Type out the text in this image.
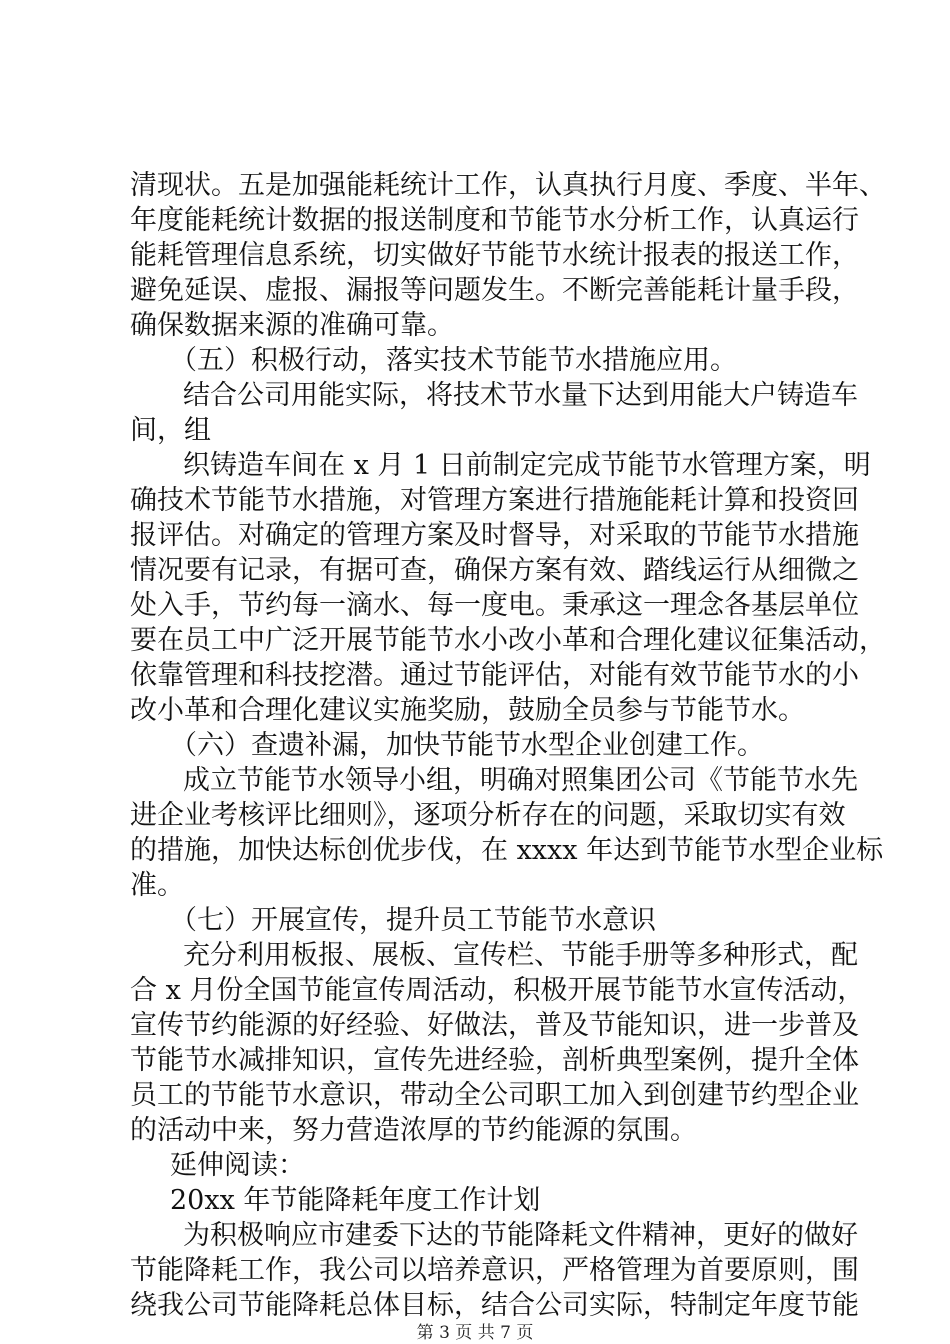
清现状。五是加强能耗统计工作，认真执行月度、季度、半年、
年度能耗统计数据的报送制度和节能节水分析工作，认真运行
能耗管理信息系统，切实做好节能节水统计报表的报送工作，
避免延误、虚报、漏报等问题发生。不断完善能耗计量手段，
确保数据来源的准确可靠。
（五）积极行动，落实技术节能节水措施应用。
结合公司用能实际，将技术节水量下达到用能大户铸造车
间，组
织铸造车间在 x 月 1 日前制定完成节能节水管理方案，明
确技术节能节水措施，对管理方案进行措施能耗计算和投资回
报评估。对确定的管理方案及时督导，对采取的节能节水措施
情况要有记录，有据可查，确保方案有效、踏线运行从细微之
处入手，节约每一滴水、每一度电。秉承这一理念各基层单位
要在员工中广泛开展节能节水小改小革和合理化建议征集活动，
依靠管理和科技挖潜。通过节能评估，对能有效节能节水的小
改小革和合理化建议实施奖励，鼓励全员参与节能节水。
（六）查遗补漏，加快节能节水型企业创建工作。
成立节能节水领导小组，明确对照集团公司《节能节水先
进企业考核评比细则》，逐项分析存在的问题，采取切实有效
的措施，加快达标创优步伐，在 xxxx 年达到节能节水型企业标
准。
（七）开展宣传，提升员工节能节水意识
充分利用板报、展板、宣传栏、节能手册等多种形式，配
合 x 月份全国节能宣传周活动，积极开展节能节水宣传活动，
宣传节约能源的好经验、好做法，普及节能知识，进一步普及
节能节水减排知识，宣传先进经验，剖析典型案例，提升全体
员工的节能节水意识，带动全公司职工加入到创建节约型企业
的活动中来，努力营造浓厚的节约能源的氛围。
延伸阅读：
20xx 年节能降耗年度工作计划
为积极响应市建委下达的节能降耗文件精神，更好的做好
节能降耗工作，我公司以培养意识，严格管理为首要原则，围
第 3 页 共 7 页
绕我公司节能降耗总体目标，结合公司实际，特制定年度节能
